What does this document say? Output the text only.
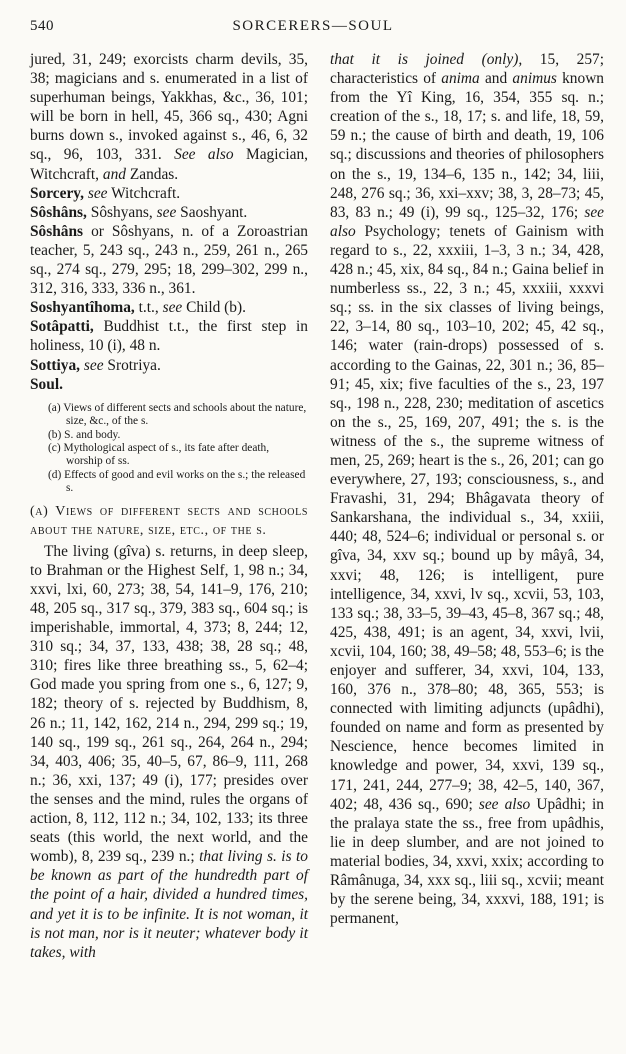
540	SORCERERS—SOUL

jured, 31, 249; exorcists charm devils, 35, 38; magicians and s. enumerated in a list of superhuman beings, Yakkhas, &c., 36, 101; will be born in hell, 45, 366 sq., 430; Agni burns down s., invoked against s., 46, 6, 32 sq., 96, 103, 331. See also Magician, Witchcraft, and Zandas.

Sorcery, see Witchcraft.

Sôshâns, Sôshyans, see Saoshyant.

Sôshâns or Sôshyans, n. of a Zoroastrian teacher, 5, 243 sq., 243 n., 259, 261 n., 265 sq., 274 sq., 279, 295; 18, 299–302, 299 n., 312, 316, 333, 336 n., 361.

Soshyantîhoma, t.t., see Child (b).

Sotâpatti, Buddhist t.t., the first step in holiness, 10 (i), 48 n.

Sottiya, see Srotriya.

Soul.

(a) Views of different sects and schools about the nature, size, &c., of the s.
(b) S. and body.
(c) Mythological aspect of s., its fate after death, worship of ss.
(d) Effects of good and evil works on the s.; the released s.

(a) Views of different sects and schools about the nature, size, etc., of the s.

The living (gîva) s. returns, in deep sleep, to Brahman or the Highest Self, 1, 98 n.; 34, xxvi, lxi, 60, 273; 38, 54, 141–9, 176, 210; 48, 205 sq., 317 sq., 379, 383 sq., 604 sq.; is imperishable, immortal, 4, 373; 8, 244; 12, 310 sq.; 34, 37, 133, 438; 38, 28 sq.; 48, 310; fires like three breathing ss., 5, 62–4; God made you spring from one s., 6, 127; 9, 182; theory of s. rejected by Buddhism, 8, 26 n.; 11, 142, 162, 214 n., 294, 299 sq.; 19, 140 sq., 199 sq., 261 sq., 264, 264 n., 294; 34, 403, 406; 35, 40–5, 67, 86–9, 111, 268 n.; 36, xxi, 137; 49 (i), 177; presides over the senses and the mind, rules the organs of action, 8, 112, 112 n.; 34, 102, 133; its three seats (this world, the next world, and the womb), 8, 239 sq., 239 n.; that living s. is to be known as part of the hundredth part of the point of a hair, divided a hundred times, and yet it is to be infinite. It is not woman, it is not man, nor is it neuter; whatever body it takes, with

that it is joined (only), 15, 257; characteristics of anima and animus known from the Yî King, 16, 354, 355 sq. n.; creation of the s., 18, 17; s. and life, 18, 59, 59 n.; the cause of birth and death, 19, 106 sq.; discussions and theories of philosophers on the s., 19, 134–6, 135 n., 142; 34, liii, 248, 276 sq.; 36, xxi–xxv; 38, 3, 28–73; 45, 83, 83 n.; 49 (i), 99 sq., 125–32, 176; see also Psychology; tenets of Gainism with regard to s., 22, xxxiii, 1–3, 3 n.; 34, 428, 428 n.; 45, xix, 84 sq., 84 n.; Gaina belief in numberless ss., 22, 3 n.; 45, xxxiii, xxxvi sq.; ss. in the six classes of living beings, 22, 3–14, 80 sq., 103–10, 202; 45, 42 sq., 146; water (rain-drops) possessed of s. according to the Gainas, 22, 301 n.; 36, 85–91; 45, xix; five faculties of the s., 23, 197 sq., 198 n., 228, 230; meditation of ascetics on the s., 25, 169, 207, 491; the s. is the witness of the s., the supreme witness of men, 25, 269; heart is the s., 26, 201; can go everywhere, 27, 193; consciousness, s., and Fravashi, 31, 294; Bhâgavata theory of Sankarshana, the individual s., 34, xxiii, 440; 48, 524–6; individual or personal s. or gîva, 34, xxv sq.; bound up by mâyâ, 34, xxvi; 48, 126; is intelligent, pure intelligence, 34, xxvi, lv sq., xcvii, 53, 103, 133 sq.; 38, 33–5, 39–43, 45–8, 367 sq.; 48, 425, 438, 491; is an agent, 34, xxvi, lvii, xcvii, 104, 160; 38, 49–58; 48, 553–6; is the enjoyer and sufferer, 34, xxvi, 104, 133, 160, 376 n., 378–80; 48, 365, 553; is connected with limiting adjuncts (upâdhi), founded on name and form as presented by Nescience, hence becomes limited in knowledge and power, 34, xxvi, 139 sq., 171, 241, 244, 277–9; 38, 42–5, 140, 367, 402; 48, 436 sq., 690; see also Upâdhi; in the pralaya state the ss., free from upâdhis, lie in deep slumber, and are not joined to material bodies, 34, xxvi, xxix; according to Râmânuga, 34, xxx sq., liii sq., xcvii; meant by the serene being, 34, xxxvi, 188, 191; is permanent,
